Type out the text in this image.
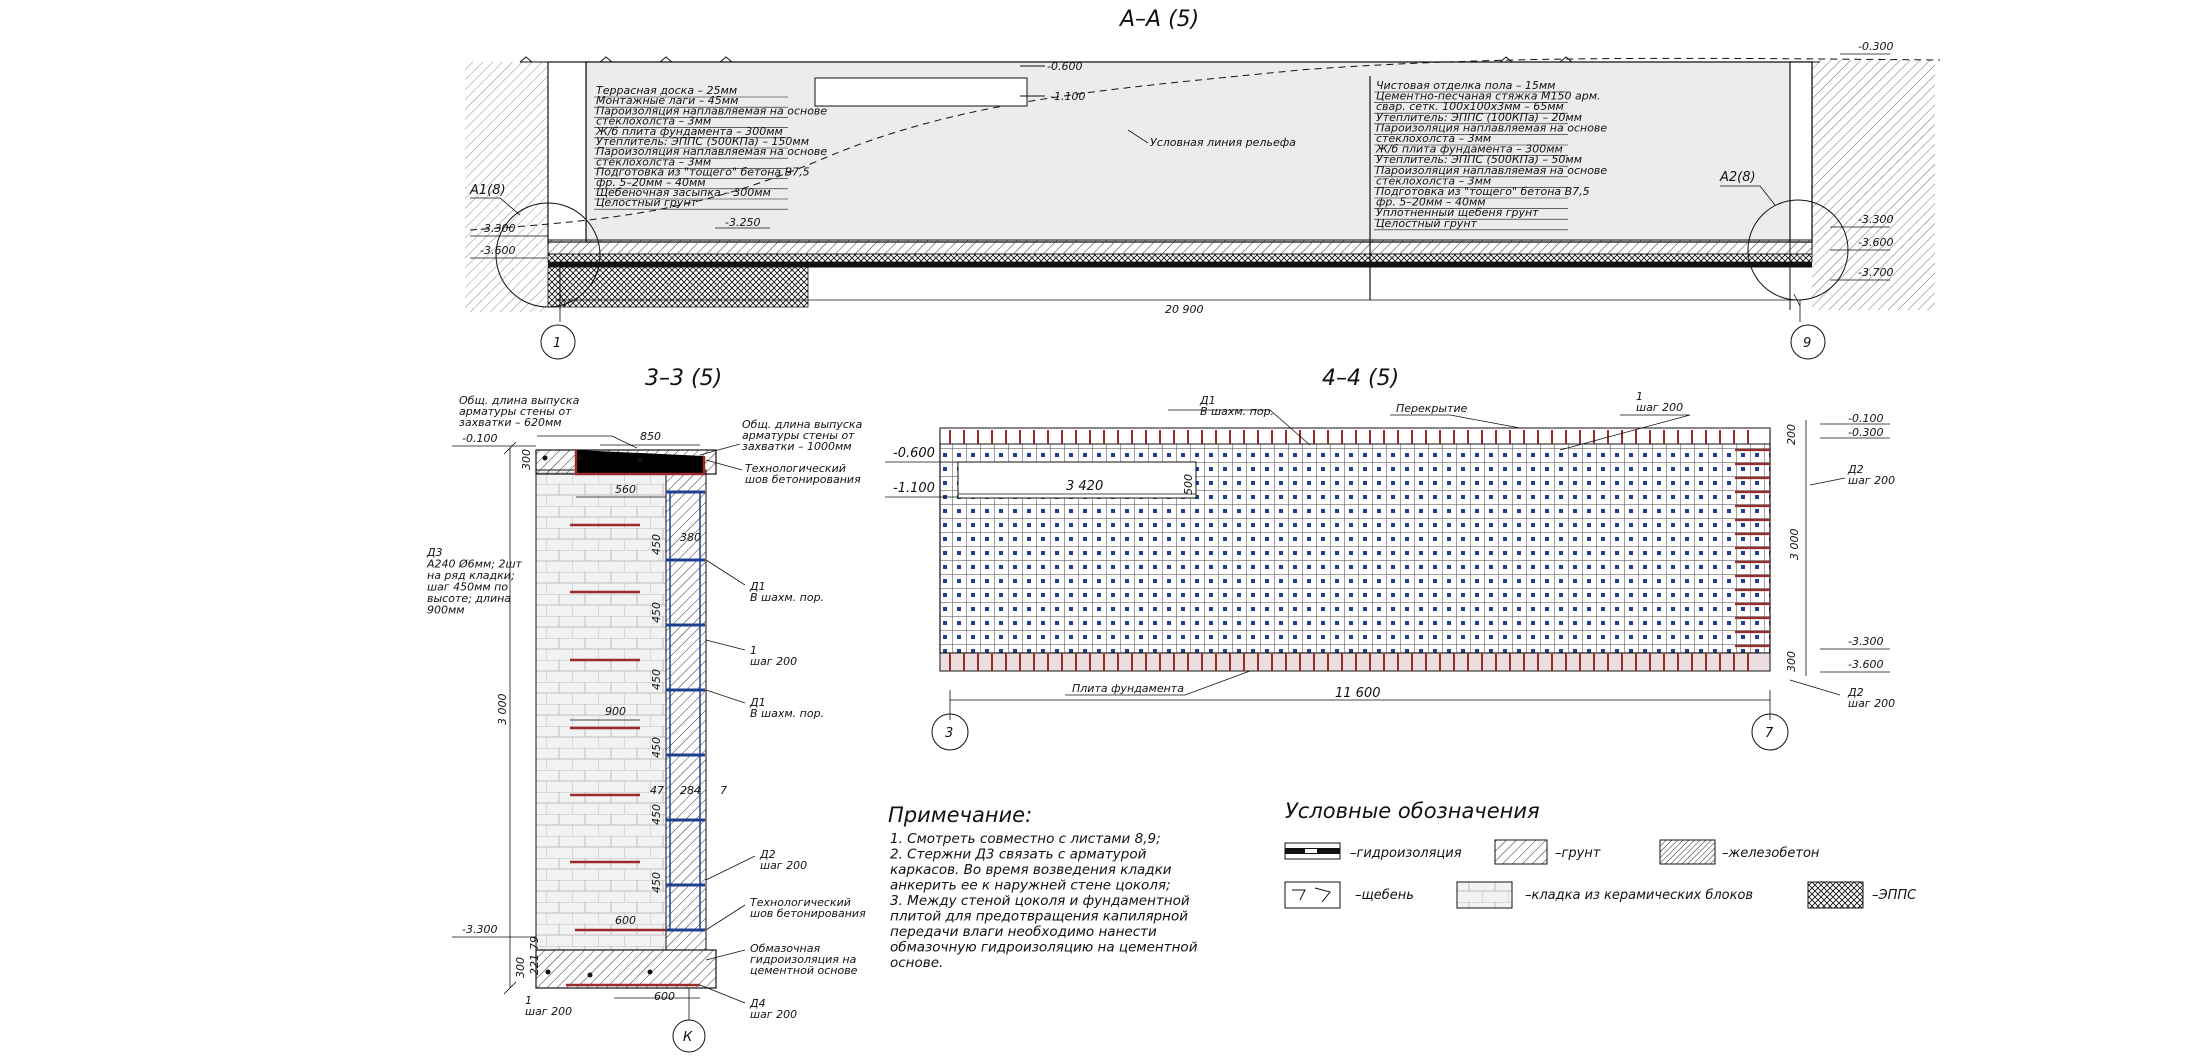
А–А (5)
-0.600
-1.100
Террасная доска – 25мм
Монтажные лаги – 45мм
Пароизоляция наплавляемая на основе
стеклохолста – 3мм
Ж/б плита фундамента – 300мм
Утеплитель: ЭППС (500КПа) – 150мм
Пароизоляция наплавляемая на основе
стеклохолста – 3мм
Подготовка из "тощего" бетона В7,5
фр. 5–20мм – 40мм
Щебеночная засыпка – 300мм
Целостный грунт
Чистовая отделка пола – 15мм
Цементно-песчаная стяжка М150 арм.
свар. сетк. 100х100х3мм – 65мм
Утеплитель: ЭППС (100КПа) – 20мм
Пароизоляция наплавляемая на основе
стеклохолста – 3мм
Ж/б плита фундамента – 300мм
Утеплитель: ЭППС (500КПа) – 50мм
Пароизоляция наплавляемая на основе
стеклохолста – 3мм
Подготовка из "тощего" бетона В7,5
фр. 5–20мм – 40мм
Уплотненный щебеня грунт
Целостный грунт
Условная линия рельефа
А1(8)
-3.300
-3.600
-3.250
А2(8)
-0.300
-3.300
-3.600
-3.700
20 900
1	9
3–3 (5)
Общ. длина выпуска
арматуры стены от
захватки – 620мм	Общ. длина выпуска
арматуры стены от
захватки – 1000мм
3 000
-0.100
-3.300
300
300 221
79
850
560
380
900
600
284
47	7
450
450
450
450
450
450
600
Технологический
шов бетонирования
Д1
В шахм. пор.
1
шаг 200
Д1
В шахм. пор.
Д2
шаг 200
Технологический
шов бетонирования
Обмазочная
гидроизоляция на
цементной основе
Д4
шаг 200
Д3
А240 Ø6мм; 2шт
на ряд кладки;
шаг 450мм по
высоте; длина
900мм
1
шаг 200
К
4–4 (5)
Д1
В шахм. пор.	Перекрытие
1
шаг 200
-0.600
-1.100	3 420	500
-0.100
-0.300
200
3 000
300
Д2
шаг 200
-3.300
-3.600
Плита фундамента	11 600	Д2
шаг 200
3	7
Примечание:
1. Смотреть совместно с листами 8,9;
2. Стержни Д3 связать с арматурой
каркасов. Во время возведения кладки
анкерить ее к наружней стене цоколя;
3. Между стеной цоколя и фундаментной
плитой для предотвращения капилярной
передачи влаги необходимо нанести
обмазочную гидроизоляцию на цементной
основе.
Условные обозначения
–гидроизоляция	–грунт	–железобетон
–щебень	–кладка из керамических блоков	–ЭППС
